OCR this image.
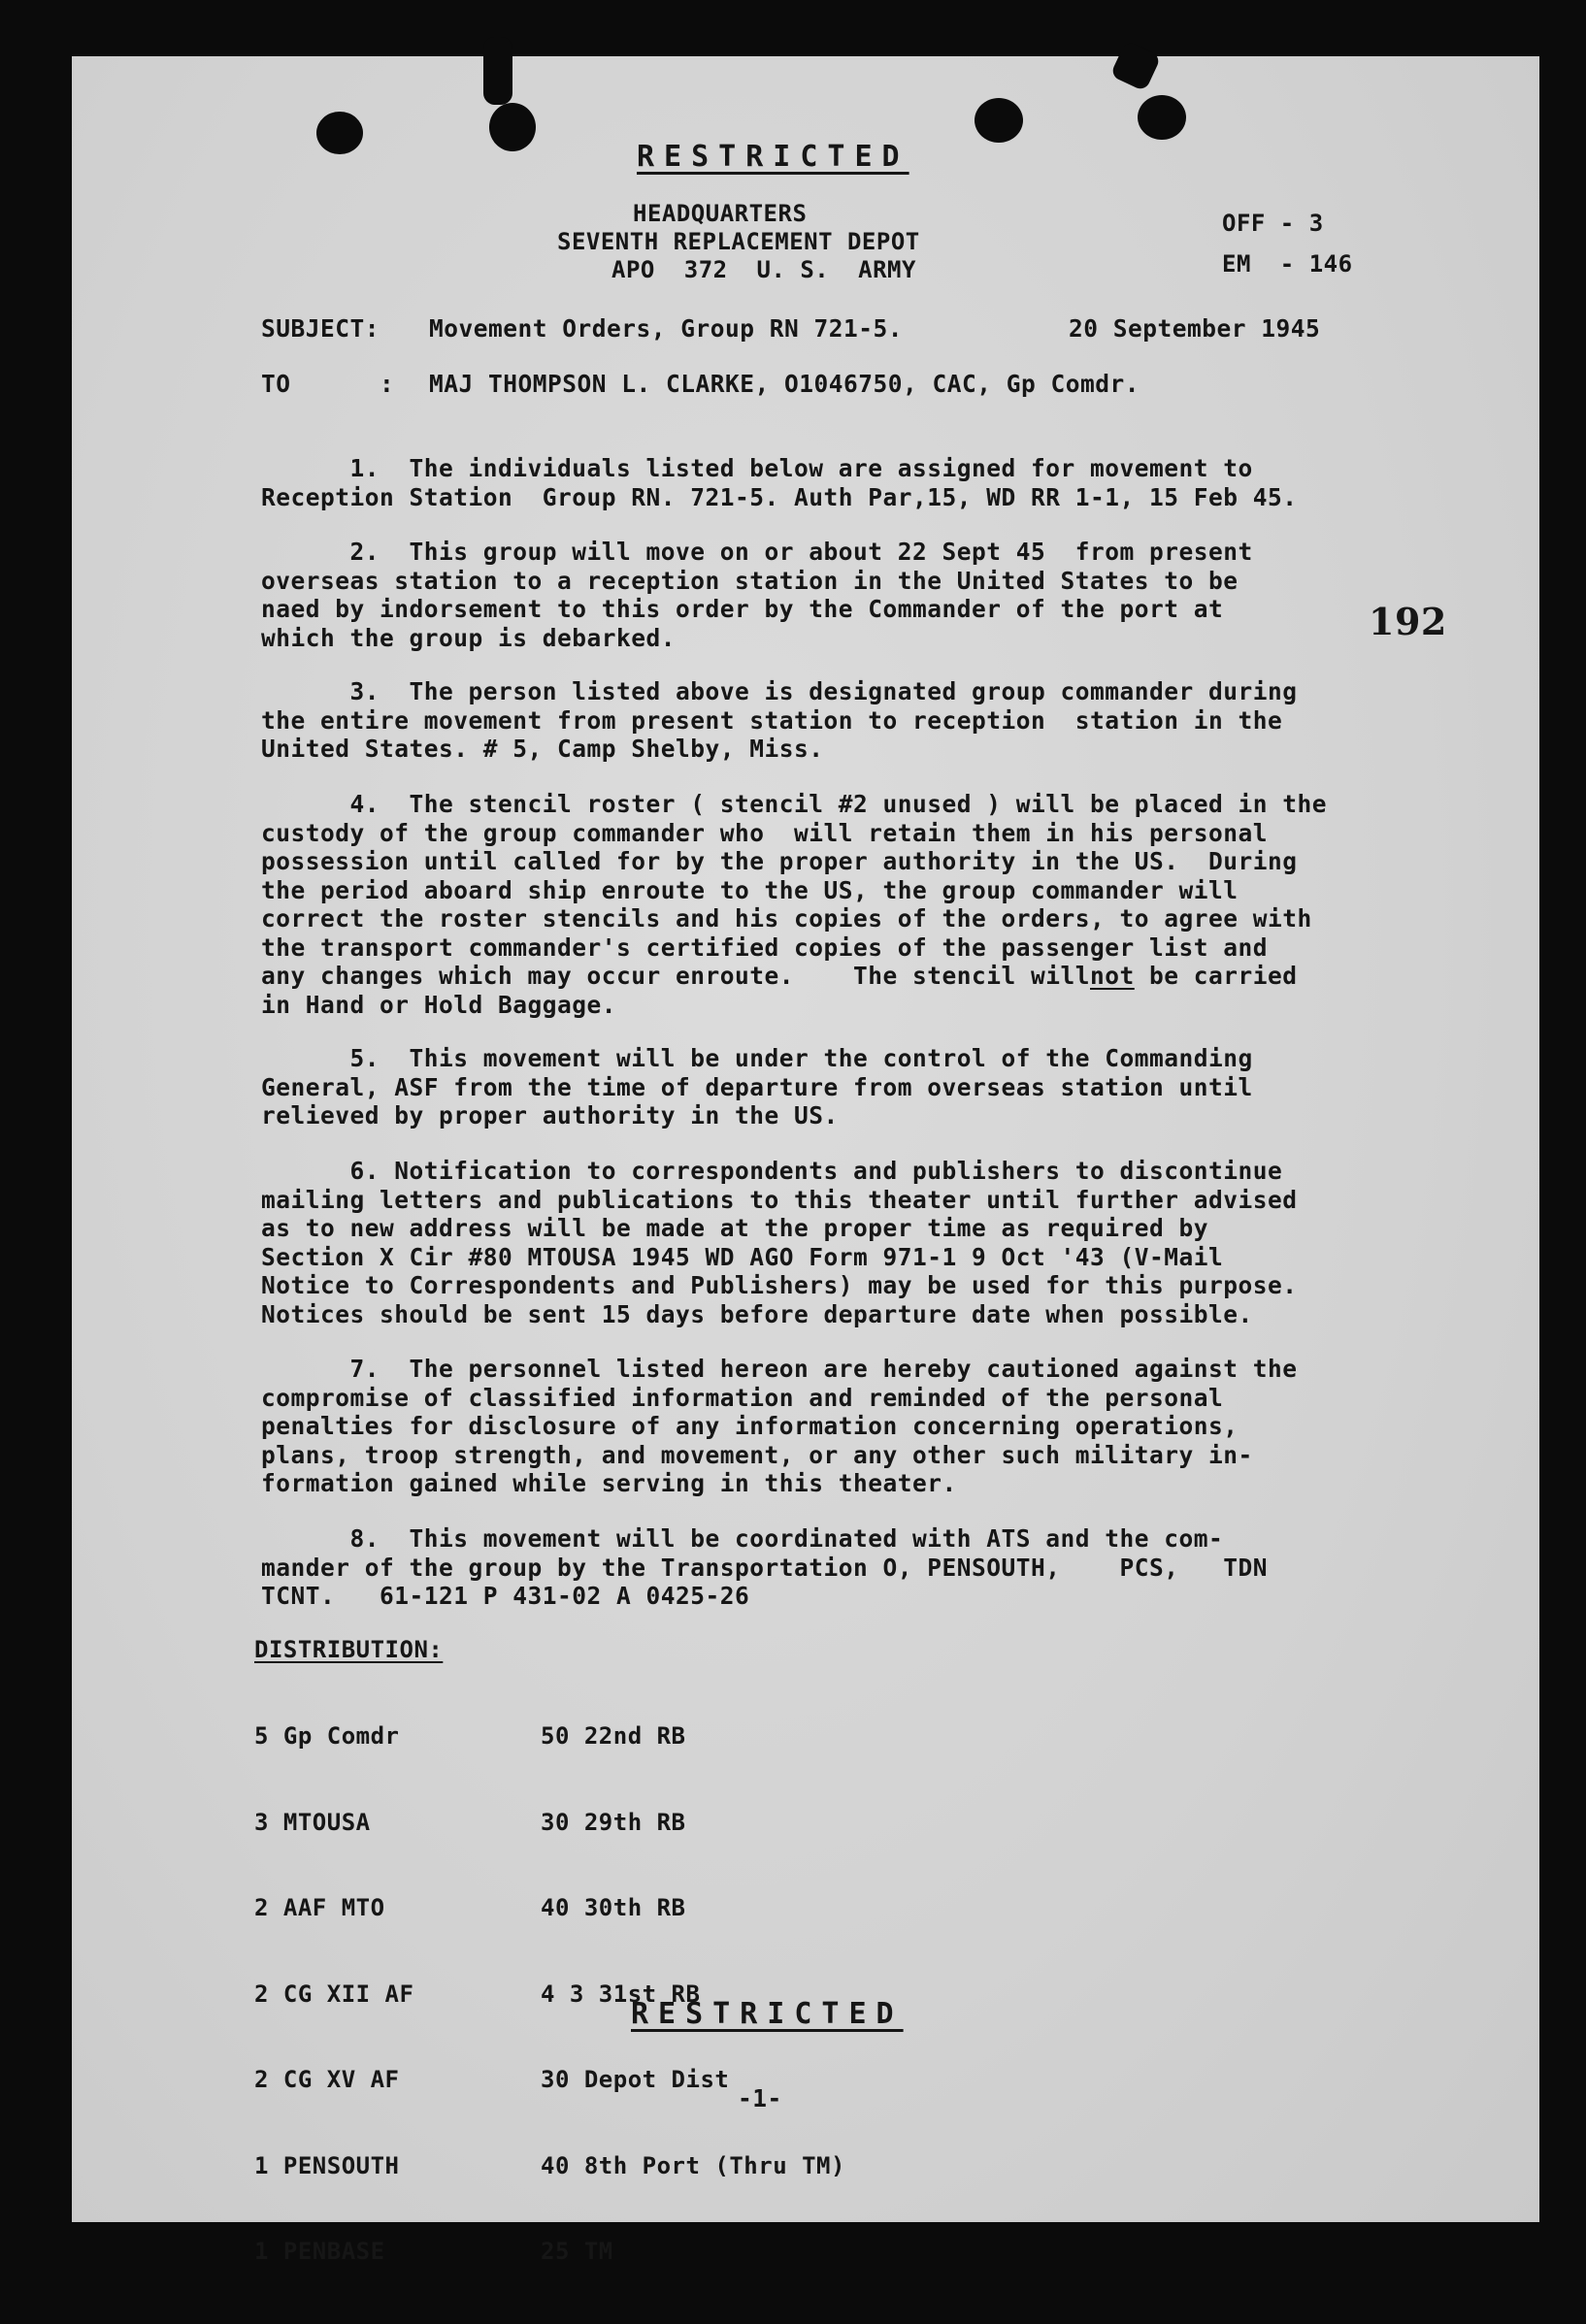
RESTRICTED
HEADQUARTERS
SEVENTH REPLACEMENT DEPOT
APO  372  U. S.  ARMY
OFF - 3
EM  - 146
SUBJECT: Movement Orders, Group RN 721-5.	20 September 1945
TO      : MAJ THOMPSON L. CLARKE, O1046750, CAC, Gp Comdr.
192
1.  The individuals listed below are assigned for movement to
Reception Station  Group RN. 721-5. Auth Par,15, WD RR 1-1, 15 Feb 45.
2.  This group will move on or about 22 Sept 45  from present
overseas station to a reception station in the United States to be
naed by indorsement to this order by the Commander of the port at
which the group is debarked.
3.  The person listed above is designated group commander during
the entire movement from present station to reception  station in the
United States. # 5, Camp Shelby, Miss.
4.  The stencil roster ( stencil #2 unused ) will be placed in the
custody of the group commander who  will retain them in his personal
possession until called for by the proper authority in the US.  During
the period aboard ship enroute to the US, the group commander will
correct the roster stencils and his copies of the orders, to agree with
the transport commander's certified copies of the passenger list and
any changes which may occur enroute.    The stencil willnot be carried
in Hand or Hold Baggage.
5.  This movement will be under the control of the Commanding
General, ASF from the time of departure from overseas station until
relieved by proper authority in the US.
6. Notification to correspondents and publishers to discontinue
mailing letters and publications to this theater until further advised
as to new address will be made at the proper time as required by
Section X Cir #80 MTOUSA 1945 WD AGO Form 971-1 9 Oct '43 (V-Mail
Notice to Correspondents and Publishers) may be used for this purpose.
Notices should be sent 15 days before departure date when possible.
7.  The personnel listed hereon are hereby cautioned against the
compromise of classified information and reminded of the personal
penalties for disclosure of any information concerning operations,
plans, troop strength, and movement, or any other such military in-
formation gained while serving in this theater.
8.  This movement will be coordinated with ATS and the com-
mander of the group by the Transportation O, PENSOUTH,    PCS,   TDN
TCNT.   61-121 P 431-02 A 0425-26
DISTRIBUTION:

5 Gp Comdr

3 MTOUSA

2 AAF MTO

2 CG XII AF

2 CG XV AF

1 PENSOUTH

1 PENBASE

50 22nd RB

30 29th RB

40 30th RB

4 3 31st RB

30 Depot Dist

40 8th Port (Thru TM)

25 TM

RESTRICTED
-1-
